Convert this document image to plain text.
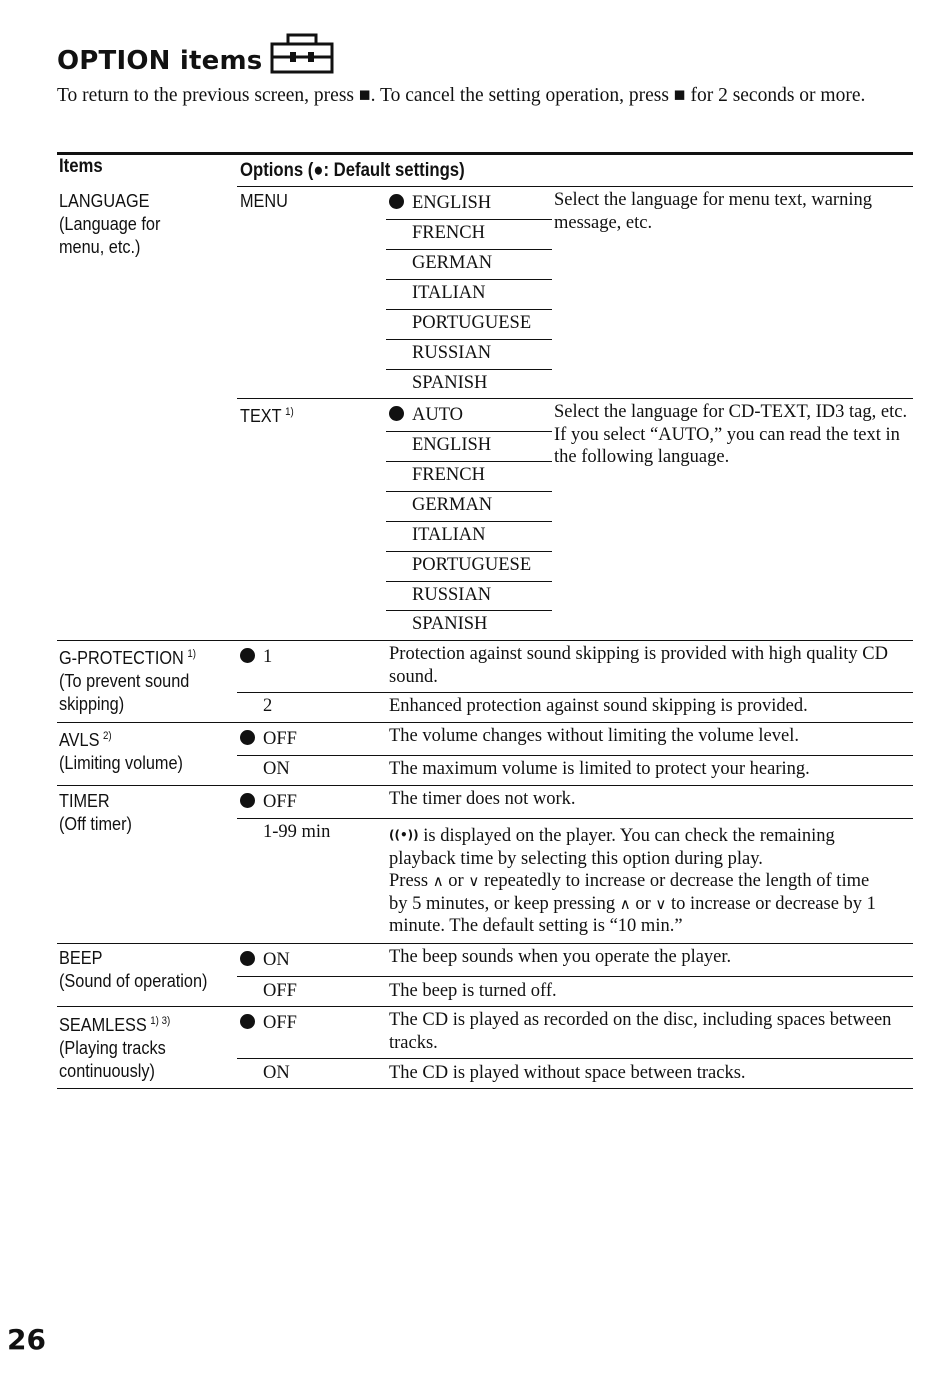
OPTION items
To return to the previous screen, press ■. To cancel the setting operation, press ■ for 2 seconds or more.
Items	Options (●: Default settings)
LANGUAGE
(Language for
menu, etc.)
MENU	ENGLISH
FRENCH
GERMAN
ITALIAN
PORTUGUESE
RUSSIAN
SPANISH
Select the language for menu text, warning message, etc.
TEXT $^{1)}$	AUTO
ENGLISH
FRENCH
GERMAN
ITALIAN
PORTUGUESE
RUSSIAN
SPANISH
Select the language for CD-TEXT, ID3 tag, etc.
If you select “AUTO,” you can read the text in the following language.
G-PROTECTION $^{1)}$
(To prevent sound
skipping)
1	Protection against sound skipping is provided with high quality CD sound.
2	Enhanced protection against sound skipping is provided.
AVLS $^{2)}$
(Limiting volume)
OFF	The volume changes without limiting the volume level.
ON	The maximum volume is limited to protect your hearing.
TIMER
(Off timer)
OFF	The timer does not work.
1-99 min	((•)) is displayed on the player. You can check the remaining playback time by selecting this option during play.
Press ∧ or ∨ repeatedly to increase or decrease the length of time by 5 minutes, or keep pressing ∧ or ∨ to increase or decrease by 1 minute. The default setting is “10 min.”
BEEP
(Sound of operation)
ON	The beep sounds when you operate the player.
OFF	The beep is turned off.
SEAMLESS $^{1) 3)}$
(Playing tracks
continuously)
OFF	The CD is played as recorded on the disc, including spaces between tracks.
ON	The CD is played without space between tracks.
26
